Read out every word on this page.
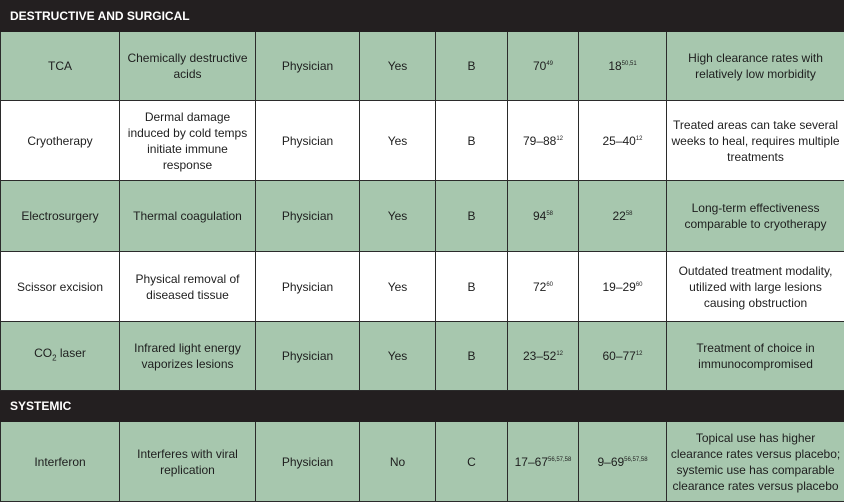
DESTRUCTIVE AND SURGICAL							
TCA	Chemically destructive acids	Physician	Yes	B	$70^{49}$	18$^{50,51}$	High clearance rates with relatively low morbidity

Cryotherapy	Dermal damage induced by cold temps initiate immune response	Physician	Yes	B	$79-88^{12}$	$25-40^{12}$	Treated areas can take several weeks to heal, requires multiple treatments

Electrosurgery	Thermal coagulation	Physician	Yes	B	$94^{58}$	$22^{58}$	Long-term effectiveness comparable to cryotherapy

Scissor excision	Physical removal of diseased tissue	Physician	Yes	B	$72^{60}$	$19-29^{60}$	Outdated treatment modality, utilized with large lesions causing obstruction

$CO_2$ laser	Infrared light energy vaporizes lesions	Physician	Yes	B	$23-52^{12}$	$60-77^{12}$	Treatment of choice in immunocompromised

SYSTEMIC							
Interferon	Interferes with viral replication	Physician	No	C	17–67$^{56,57,58}$	9–69$^{56,57,58}$	Topical use has higher clearance rates versus placebo; systemic use has comparable clearance rates versus placebo
